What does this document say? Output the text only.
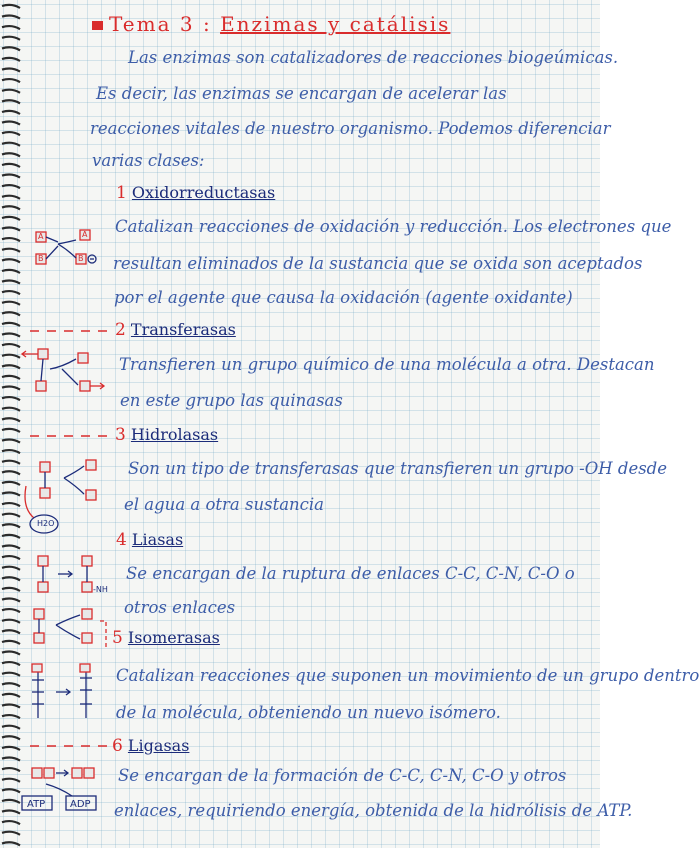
Tema 3 : Enzimas y catálisis
Las enzimas son catalizadores de reacciones biogeúmicas.
Es decir, las enzimas se encargan de acelerar las
reacciones vitales de nuestro organismo. Podemos diferenciar
varias clases:
1 Oxidorreductasas
Catalizan reacciones de oxidación y reducción. Los electrones que
resultan eliminados de la sustancia que se oxida son aceptados
por el agente que causa la oxidación (agente oxidante)
2 Transferasas
Transfieren un grupo químico de una molécula a otra. Destacan
en este grupo las quinasas
3 Hidrolasas
Son un tipo de transferasas que transfieren un grupo -OH desde
el agua a otra sustancia
4 Liasas
Se encargan de la ruptura de enlaces C-C, C-N, C-O o
otros enlaces
5 Isomerasas
Catalizan reacciones que suponen un movimiento de un grupo dentro
de la molécula, obteniendo un nuevo isómero.
6 Ligasas
Se encargan de la formación de C-C, C-N, C-O y otros
enlaces, requiriendo energía, obtenida de la hidrólisis de ATP.
A
B
A
B
H2O
-NH
ATP ADP
